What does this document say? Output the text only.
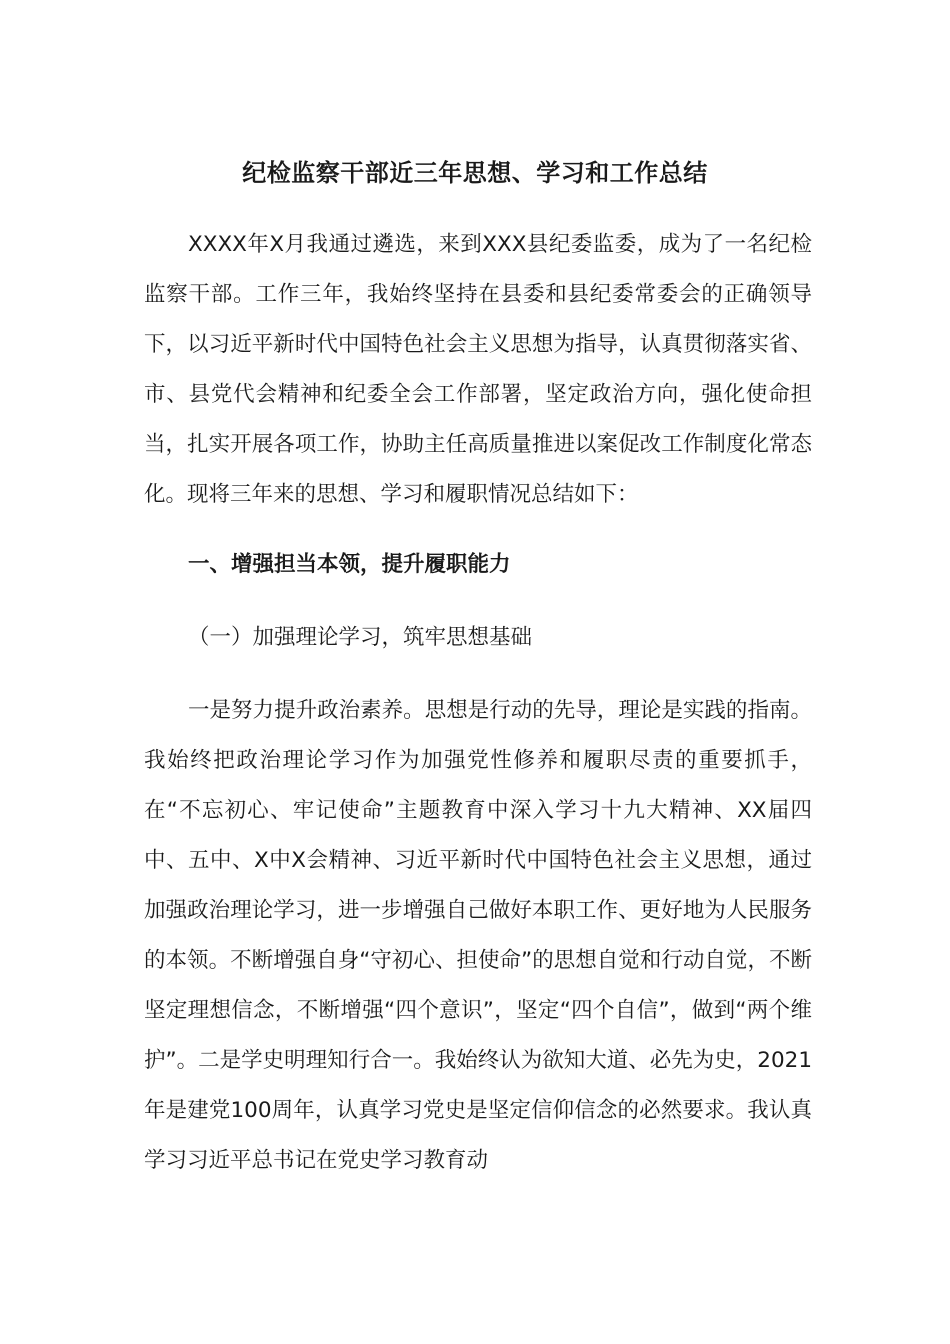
纪检监察干部近三年思想、学习和工作总结

XXXX年X月我通过遴选，来到XXX县纪委监委，成为了一名纪检监察干部。工作三年，我始终坚持在县委和县纪委常委会的正确领导下，以习近平新时代中国特色社会主义思想为指导，认真贯彻落实省、市、县党代会精神和纪委全会工作部署，坚定政治方向，强化使命担当，扎实开展各项工作，协助主任高质量推进以案促改工作制度化常态化。现将三年来的思想、学习和履职情况总结如下：

一、增强担当本领，提升履职能力

（一）加强理论学习，筑牢思想基础

一是努力提升政治素养。思想是行动的先导，理论是实践的指南。我始终把政治理论学习作为加强党性修养和履职尽责的重要抓手，在“不忘初心、牢记使命”主题教育中深入学习十九大精神、XX届四中、五中、X中X会精神、习近平新时代中国特色社会主义思想，通过加强政治理论学习，进一步增强自己做好本职工作、更好地为人民服务的本领。不断增强自身“守初心、担使命”的思想自觉和行动自觉，不断坚定理想信念，不断增强“四个意识”，坚定“四个自信”，做到“两个维护”。二是学史明理知行合一。我始终认为欲知大道、必先为史，2021年是建党100周年，认真学习党史是坚定信仰信念的必然要求。我认真学习习近平总书记在党史学习教育动
